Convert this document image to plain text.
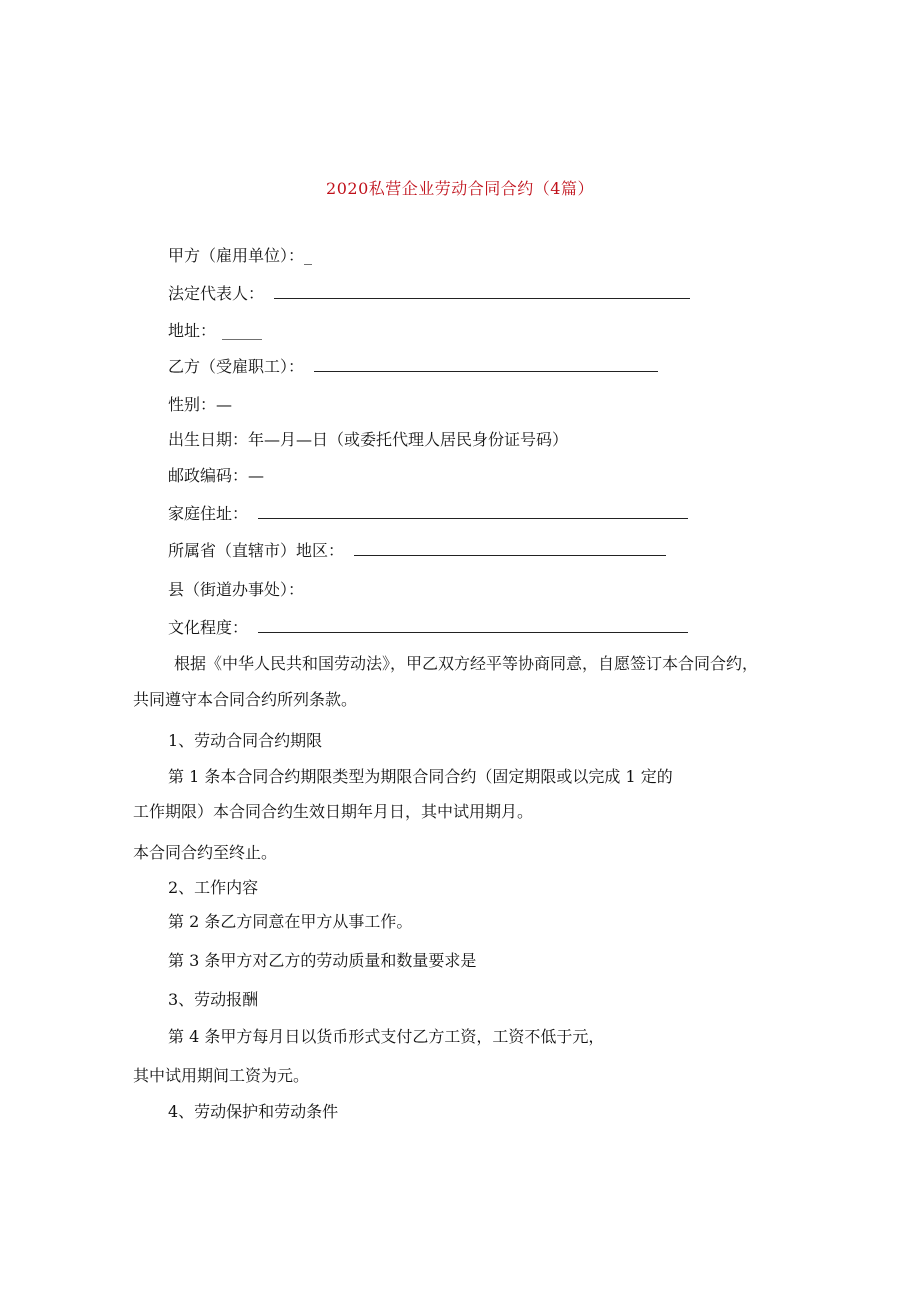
2020私营企业劳动合同合约（4篇）
甲方（雇用单位）：_
法定代表人：
地址： _____
乙方（受雇职工）：
性别：—
出生日期：年—月—日（或委托代理人居民身份证号码）
邮政编码：—
家庭住址：
所属省（直辖市）地区：
县（街道办事处）：
文化程度：
根据《中华人民共和国劳动法》，甲乙双方经平等协商同意，自愿签订本合同合约，
共同遵守本合同合约所列条款。
1、劳动合同合约期限
第 1 条本合同合约期限类型为期限合同合约（固定期限或以完成 1 定的
工作期限）本合同合约生效日期年月日，其中试用期月。
本合同合约至终止。
2、工作内容
第 2 条乙方同意在甲方从事工作。
第 3 条甲方对乙方的劳动质量和数量要求是
3、劳动报酬
第 4 条甲方每月日以货币形式支付乙方工资，工资不低于元，
其中试用期间工资为元。
4、劳动保护和劳动条件
